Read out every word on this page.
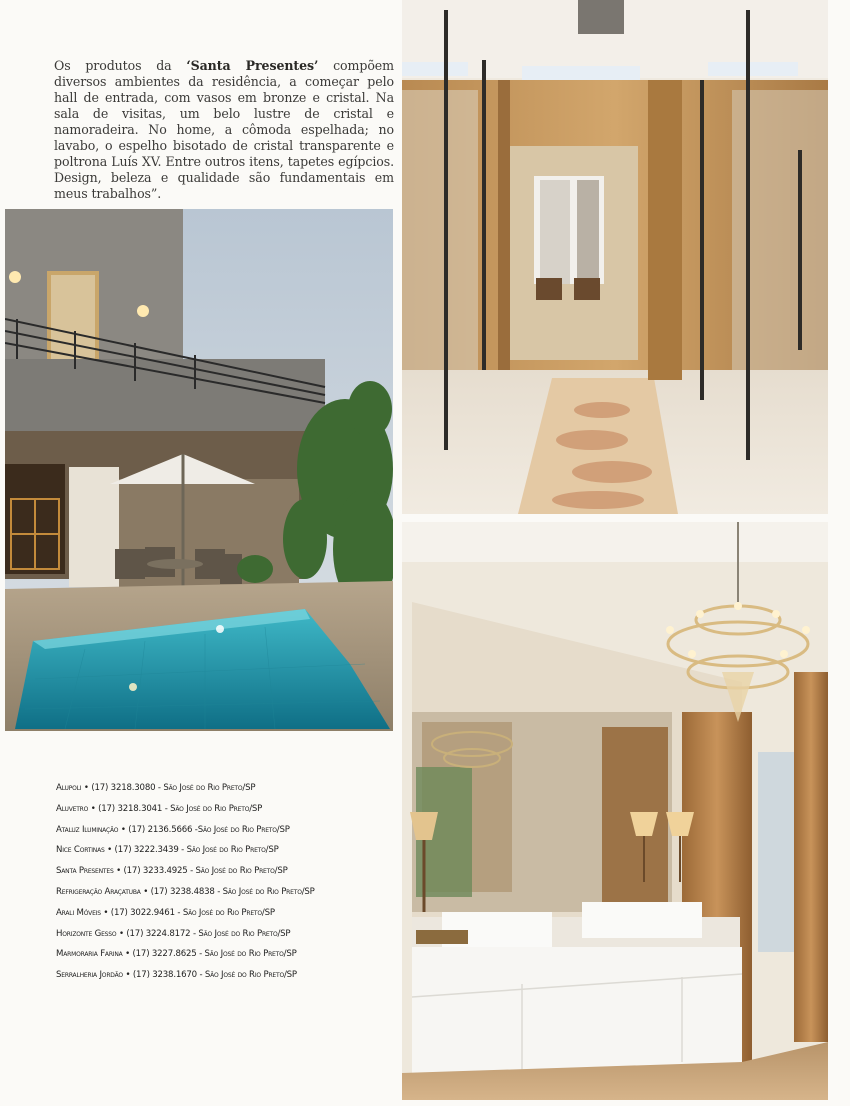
Os produtos da ‘Santa Presentes’ compõem diversos ambientes da residência, a começar pelo hall de entrada, com vasos em bronze e cristal. Na sala de visitas, um belo lustre de cristal e namoradeira. No home, a cômoda espelhada; no lavabo, o espelho bisotado de cristal transparente e poltrona Luís XV. Entre outros itens, tapetes egípcios. Design, beleza e qualidade são fundamentais em meus trabalhos”.
Alupoli • (17) 3218.3080 - São José do Rio Preto/SP
Aluvetro • (17) 3218.3041 - São José do Rio Preto/SP
Ataluz Iluminação • (17) 2136.5666 -São José do Rio Preto/SP
Nice Cortinas • (17) 3222.3439 - São José do Rio Preto/SP
Santa Presentes • (17) 3233.4925 - São José do Rio Preto/SP
Refrigeração Araçatuba • (17) 3238.4838 - São José do Rio Preto/SP
Arali Móveis • (17) 3022.9461 - São José do Rio Preto/SP
Horizonte Gesso • (17) 3224.8172 - São José do Rio Preto/SP
Marmoraria Farina • (17) 3227.8625 - São José do Rio Preto/SP
Serralheria Jordão • (17) 3238.1670 - São José do Rio Preto/SP
